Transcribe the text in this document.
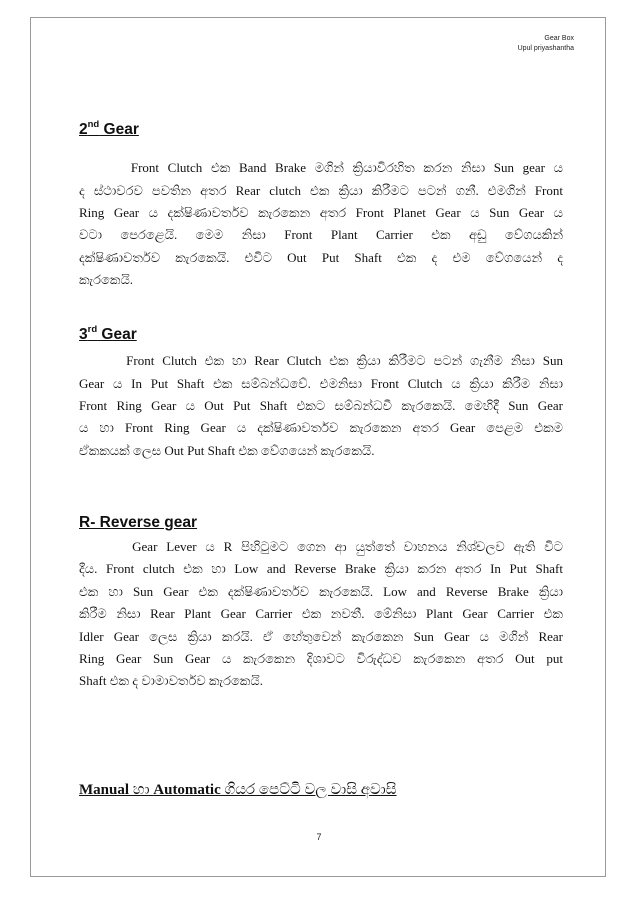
Gear Box
Upul priyashantha
2nd Gear
Front Clutch එක Band Brake මගින් ක්‍රියාවිරහිත කරන නිසා Sun gear ය
ද ස්ථාවරව පවතින අතර Rear clutch එක ක්‍රියා කිරීමට පටන් ගනී. එමගින් Front
Ring Gear ය දක්ෂිණාවර්තව කැරකෙන අතර Front Planet Gear ය Sun Gear ය
වටා පෙරළෙයි. මෙම නිසා Front Plant Carrier එක අඩු වේගයකින්
දක්ෂිණාවර්තව කැරකෙයි. එවිට Out Put Shaft එක ද එම වේගයෙන් ද
කැරකෙයි.
3rd Gear
Front Clutch එක හා Rear Clutch එක ක්‍රියා කිරීමට පටන් ගැනීම නිසා Sun
Gear ය In Put Shaft එක සම්බන්ධවේ. එමනිසා Front Clutch ය ක්‍රියා කිරීම නිසා
Front Ring Gear ය Out Put Shaft එකට සම්බන්ධවී කැරකෙයි. මෙහිදී Sun Gear
ය හා Front Ring Gear ය දක්ෂිණාවර්තව කැරකෙන අතර Gear පෙළම එකම
ඒකකයක් ලෙස Out Put Shaft එක වේගයෙන් කැරකෙයි.
R- Reverse gear
Gear Lever ය R පිහිටුමට ගෙන ආ යුත්තේ වාහනය නිශ්චලව ඇති විට
දීය. Front clutch එක හා Low and Reverse Brake ක්‍රියා කරන අතර In Put Shaft
එක හා Sun Gear එක දක්ෂිණාවර්තව කැරකෙයි. Low and Reverse Brake ක්‍රියා
කිරීම නිසා Rear Plant Gear Carrier එක නවතී. මේනිසා Plant Gear Carrier එක
Idler Gear ලෙස ක්‍රියා කරයි. ඒ හේතුවෙන් කැරකෙන Sun Gear ය මගින් Rear
Ring Gear Sun Gear ය කැරකෙන දිශාවට විරුද්ධව කැරකෙන අතර Out put
Shaft එක ද වාමාවර්තව කැරකෙයි.
Manual හා Automatic ගියර පෙට්ටි වල වාසි අවාසි
7
